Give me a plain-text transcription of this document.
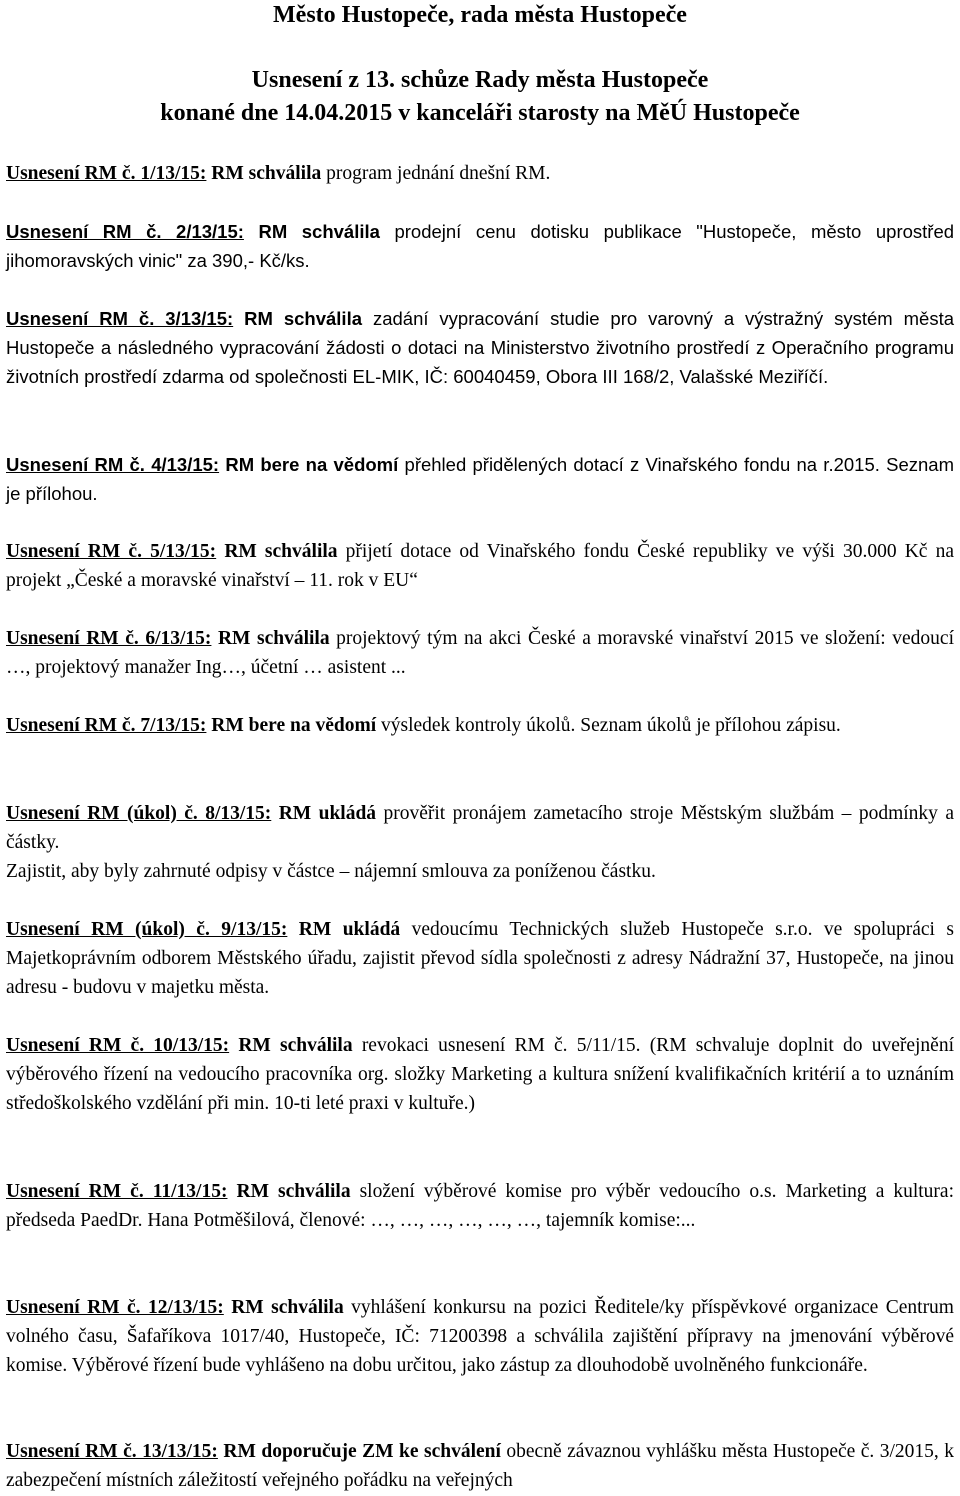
Město Hustopeče, rada města Hustopeče
Usnesení z 13. schůze Rady města Hustopeče
konané dne 14.04.2015 v kanceláři starosty na MěÚ Hustopeče

Usnesení RM č. 1/13/15: RM schválila program jednání dnešní RM.

Usnesení RM č. 2/13/15: RM schválila prodejní cenu dotisku publikace "Hustopeče, město uprostřed jihomoravských vinic" za 390,- Kč/ks.

Usnesení RM č. 3/13/15: RM schválila zadání vypracování studie pro varovný a výstražný systém města Hustopeče a následného vypracování žádosti o dotaci na Ministerstvo životního prostředí z Operačního programu životních prostředí zdarma od společnosti EL-MIK, IČ: 60040459, Obora III 168/2, Valašské Meziříčí.

Usnesení RM č. 4/13/15: RM bere na vědomí přehled přidělených dotací z Vinařského fondu na r.2015. Seznam je přílohou.

Usnesení RM č. 5/13/15: RM schválila přijetí dotace od Vinařského fondu České republiky ve výši 30.000 Kč na projekt „České a moravské vinařství – 11. rok v EU“

Usnesení RM č. 6/13/15: RM schválila projektový tým na akci České a moravské vinařství 2015 ve složení: vedoucí …, projektový manažer Ing…, účetní … asistent ...

Usnesení RM č. 7/13/15: RM bere na vědomí výsledek kontroly úkolů. Seznam úkolů je přílohou zápisu.

Usnesení RM (úkol) č. 8/13/15: RM ukládá prověřit pronájem zametacího stroje Městským službám – podmínky a částky.
Zajistit, aby byly zahrnuté odpisy v částce – nájemní smlouva za poníženou částku.

Usnesení RM (úkol) č. 9/13/15: RM ukládá vedoucímu Technických služeb Hustopeče s.r.o. ve spolupráci s Majetkoprávním odborem Městského úřadu, zajistit převod sídla společnosti z adresy Nádražní 37, Hustopeče, na jinou adresu - budovu v majetku města.

Usnesení RM č. 10/13/15: RM schválila revokaci usnesení RM č. 5/11/15. (RM schvaluje doplnit do uveřejnění výběrového řízení na vedoucího pracovníka org. složky Marketing a kultura snížení kvalifikačních kritérií a to uznáním středoškolského vzdělání při min. 10-ti leté praxi v kultuře.)

Usnesení RM č. 11/13/15: RM schválila složení výběrové komise pro výběr vedoucího o.s. Marketing a kultura: předseda PaedDr. Hana Potměšilová, členové: …, …, …, …, …, …, tajemník komise:...

Usnesení RM č. 12/13/15: RM schválila vyhlášení konkursu na pozici Ředitele/ky příspěvkové organizace Centrum volného času, Šafaříkova 1017/40, Hustopeče, IČ: 71200398 a schválila zajištění přípravy na jmenování výběrové komise. Výběrové řízení bude vyhlášeno na dobu určitou, jako zástup za dlouhodobě uvolněného funkcionáře.

Usnesení RM č. 13/13/15: RM doporučuje ZM ke schválení obecně závaznou vyhlášku města Hustopeče č. 3/2015, k zabezpečení místních záležitostí veřejného pořádku na veřejných
